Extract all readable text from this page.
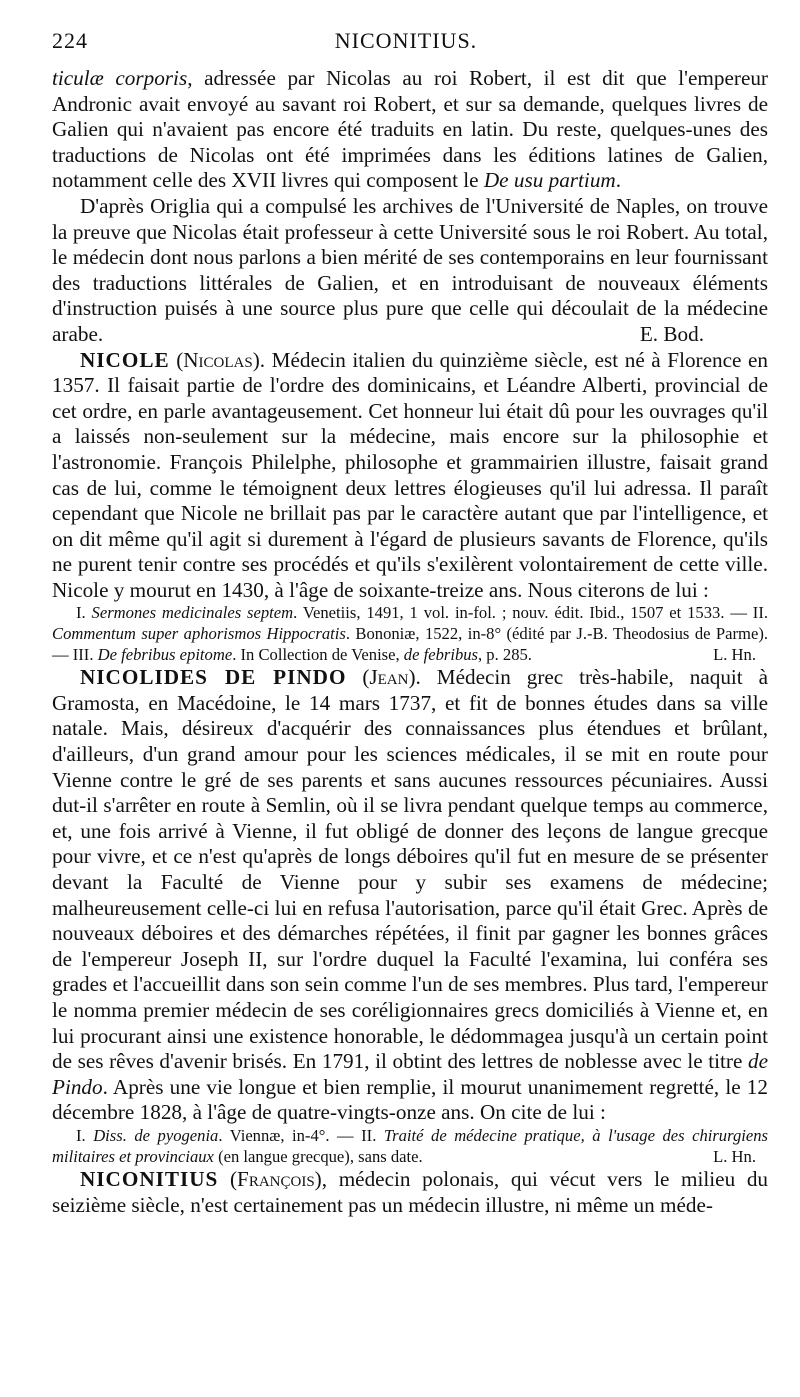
224	NICONITIUS.

ticulæ corporis, adressée par Nicolas au roi Robert, il est dit que l'empereur Andronic avait envoyé au savant roi Robert, et sur sa demande, quelques livres de Galien qui n'avaient pas encore été traduits en latin. Du reste, quelques-unes des traductions de Nicolas ont été imprimées dans les éditions latines de Galien, notamment celle des XVII livres qui composent le De usu partium.

D'après Origlia qui a compulsé les archives de l'Université de Naples, on trouve la preuve que Nicolas était professeur à cette Université sous le roi Robert. Au total, le médecin dont nous parlons a bien mérité de ses contemporains en leur fournissant des traductions littérales de Galien, et en introduisant de nouveaux éléments d'instruction puisés à une source plus pure que celle qui découlait de la médecine arabe.	E. Bod.

NICOLE (Nicolas). Médecin italien du quinzième siècle, est né à Florence en 1357. Il faisait partie de l'ordre des dominicains, et Léandre Alberti, provincial de cet ordre, en parle avantageusement. Cet honneur lui était dû pour les ouvrages qu'il a laissés non-seulement sur la médecine, mais encore sur la philosophie et l'astronomie. François Philelphe, philosophe et grammairien illustre, faisait grand cas de lui, comme le témoignent deux lettres élogieuses qu'il lui adressa. Il paraît cependant que Nicole ne brillait pas par le caractère autant que par l'intelligence, et on dit même qu'il agit si durement à l'égard de plusieurs savants de Florence, qu'ils ne purent tenir contre ses procédés et qu'ils s'exilèrent volontairement de cette ville. Nicole y mourut en 1430, à l'âge de soixante-treize ans. Nous citerons de lui :

I. Sermones medicinales septem. Venetiis, 1491, 1 vol. in-fol. ; nouv. édit. Ibid., 1507 et 1533. — II. Commentum super aphorismos Hippocratis. Bononiæ, 1522, in-8° (édité par J.-B. Theodosius de Parme). — III. De febribus epitome. In Collection de Venise, de febribus, p. 285.	L. Hn.

NICOLIDES DE PINDO (Jean). Médecin grec très-habile, naquit à Gramosta, en Macédoine, le 14 mars 1737, et fit de bonnes études dans sa ville natale. Mais, désireux d'acquérir des connaissances plus étendues et brûlant, d'ailleurs, d'un grand amour pour les sciences médicales, il se mit en route pour Vienne contre le gré de ses parents et sans aucunes ressources pécuniaires. Aussi dut-il s'arrêter en route à Semlin, où il se livra pendant quelque temps au commerce, et, une fois arrivé à Vienne, il fut obligé de donner des leçons de langue grecque pour vivre, et ce n'est qu'après de longs déboires qu'il fut en mesure de se présenter devant la Faculté de Vienne pour y subir ses examens de médecine; malheureusement celle-ci lui en refusa l'autorisation, parce qu'il était Grec. Après de nouveaux déboires et des démarches répétées, il finit par gagner les bonnes grâces de l'empereur Joseph II, sur l'ordre duquel la Faculté l'examina, lui conféra ses grades et l'accueillit dans son sein comme l'un de ses membres. Plus tard, l'empereur le nomma premier médecin de ses coréligionnaires grecs domiciliés à Vienne et, en lui procurant ainsi une existence honorable, le dédommagea jusqu'à un certain point de ses rêves d'avenir brisés. En 1791, il obtint des lettres de noblesse avec le titre de Pindo. Après une vie longue et bien remplie, il mourut unanimement regretté, le 12 décembre 1828, à l'âge de quatre-vingts-onze ans. On cite de lui :

I. Diss. de pyogenia. Viennæ, in-4°. — II. Traité de médecine pratique, à l'usage des chirurgiens militaires et provinciaux (en langue grecque), sans date.	L. Hn.

NICONITIUS (François), médecin polonais, qui vécut vers le milieu du seizième siècle, n'est certainement pas un médecin illustre, ni même un méde-
